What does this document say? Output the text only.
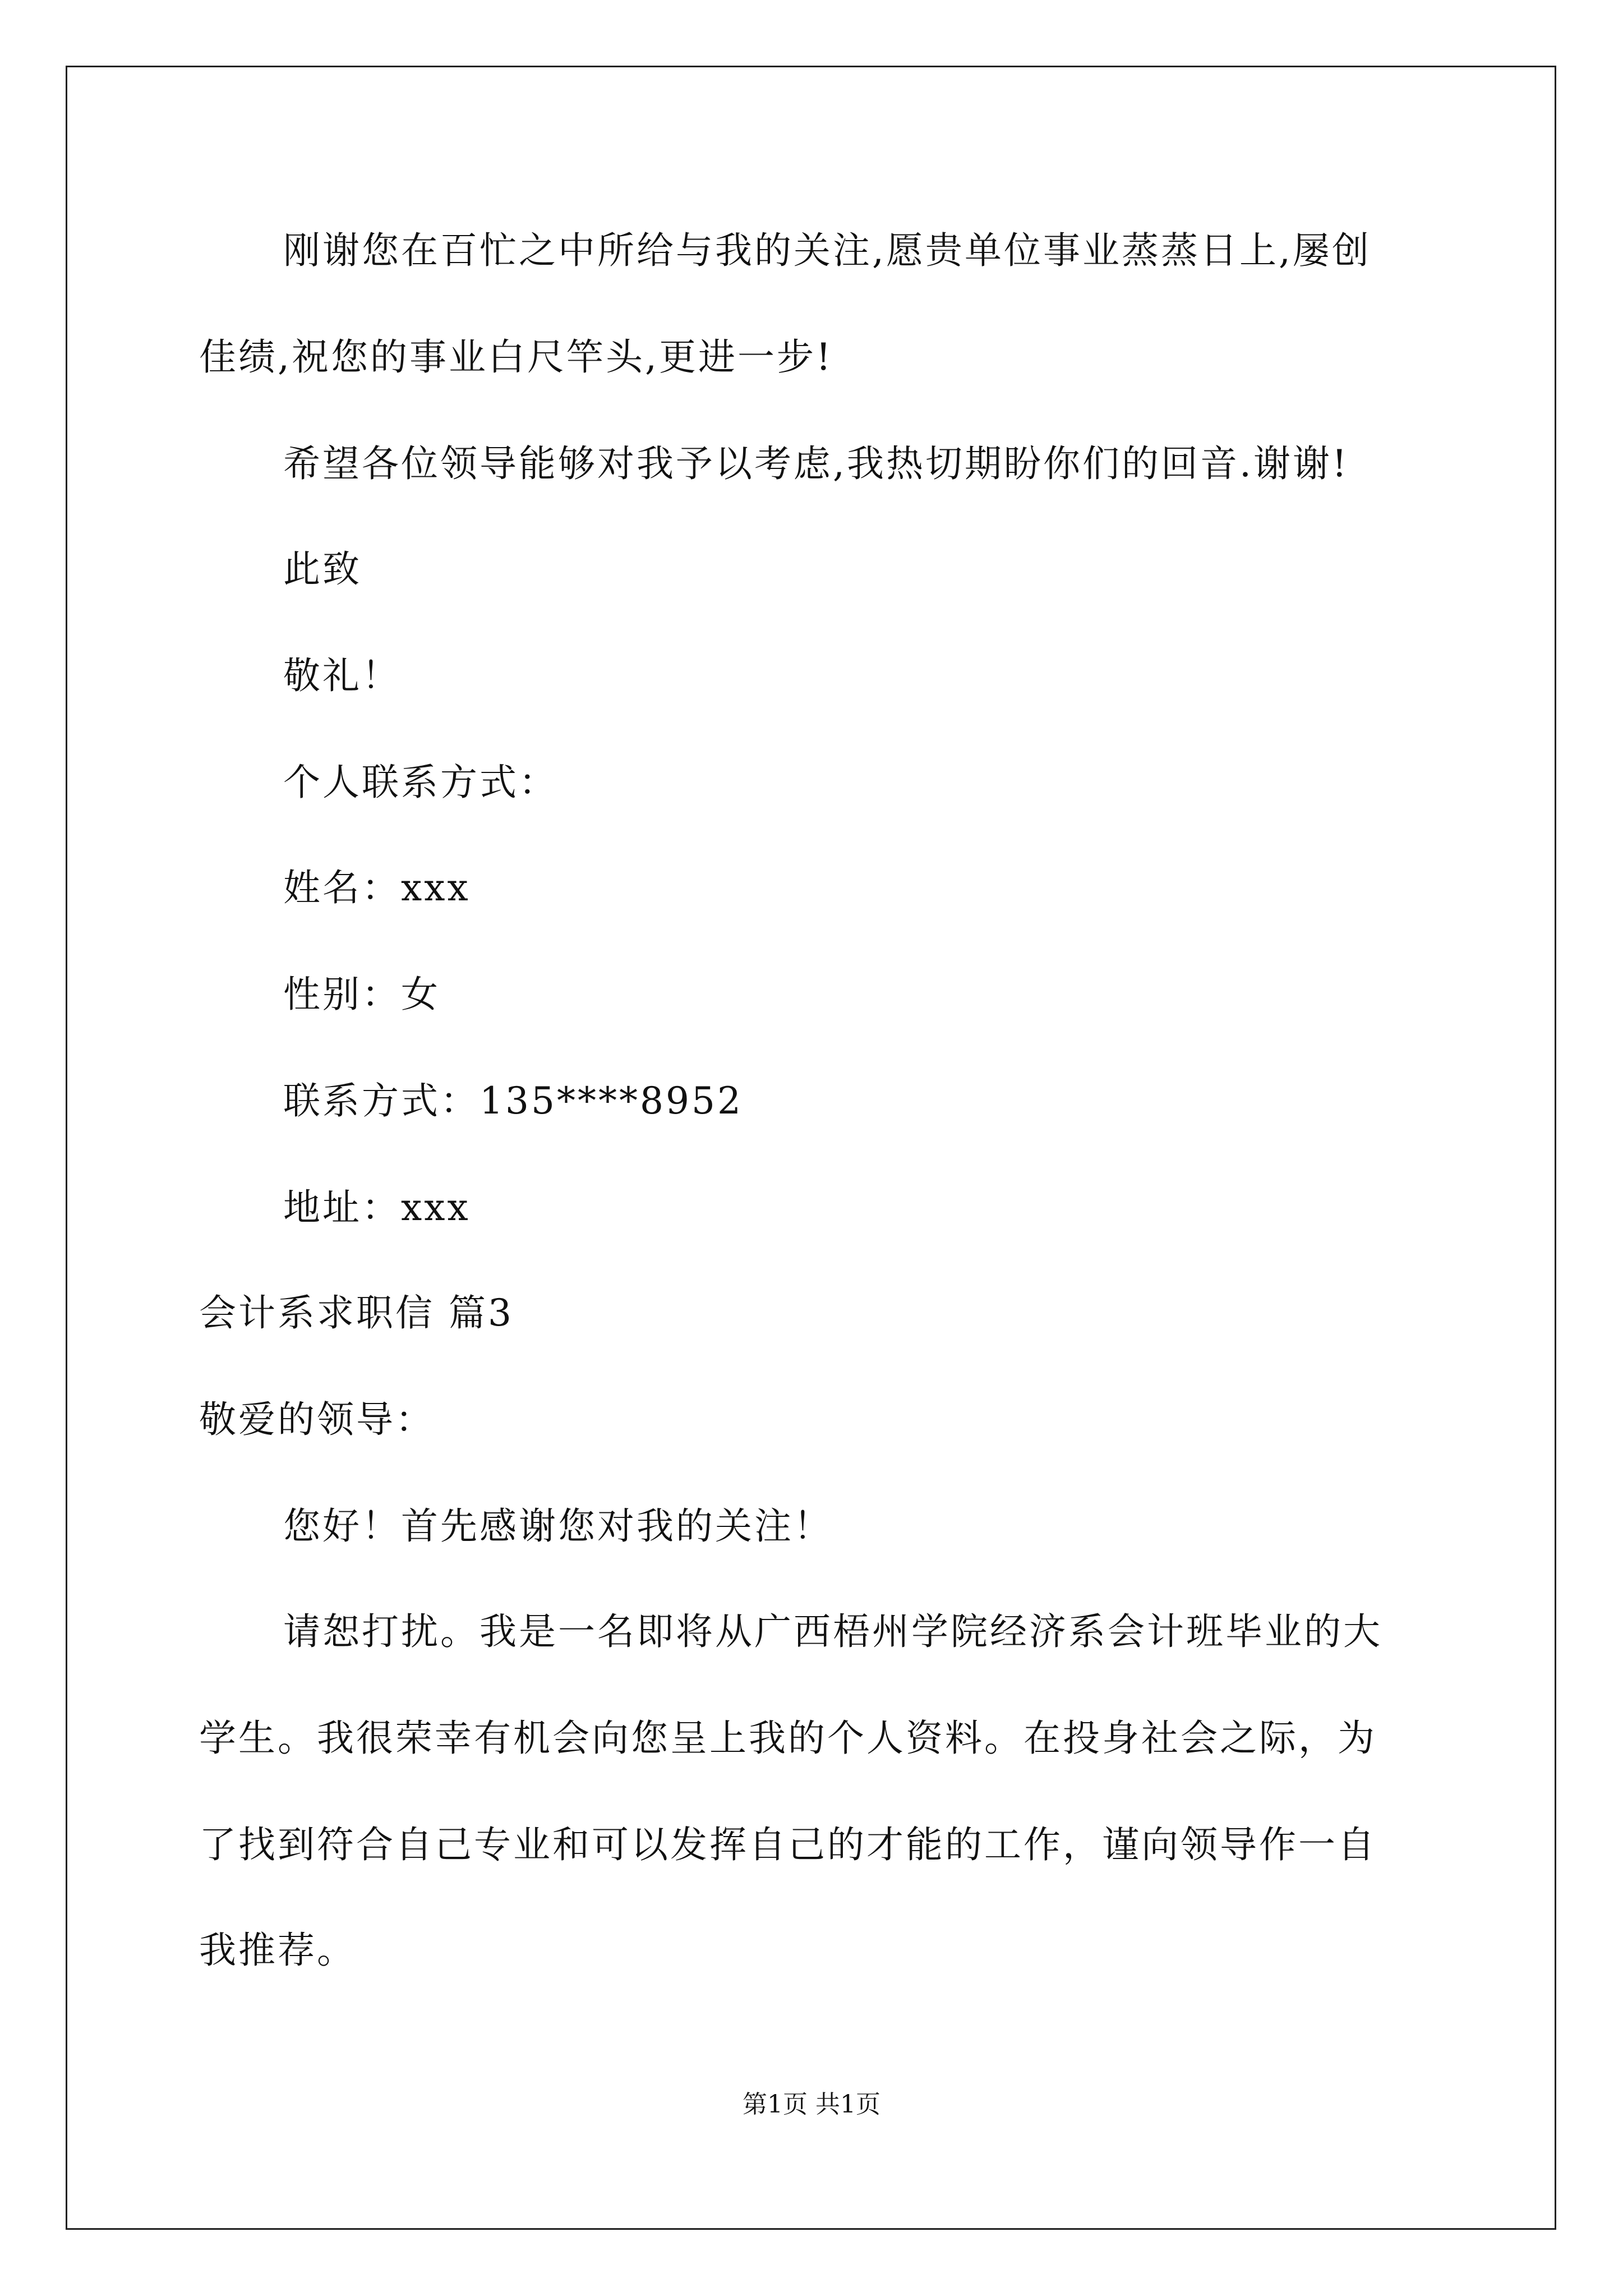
刚谢您在百忙之中所给与我的关注,愿贵单位事业蒸蒸日上,屡创
佳绩,祝您的事业白尺竿头,更进一步!
希望各位领导能够对我予以考虑,我热切期盼你们的回音.谢谢!
此致
敬礼！
个人联系方式：
姓名：xxx
性别：女
联系方式：135****8952
地址：xxx
会计系求职信 篇3
敬爱的领导：
您好！首先感谢您对我的关注！
请恕打扰。我是一名即将从广西梧州学院经济系会计班毕业的大
学生。我很荣幸有机会向您呈上我的个人资料。在投身社会之际，为
了找到符合自己专业和可以发挥自己的才能的工作，谨向领导作一自
我推荐。
第1页 共1页
